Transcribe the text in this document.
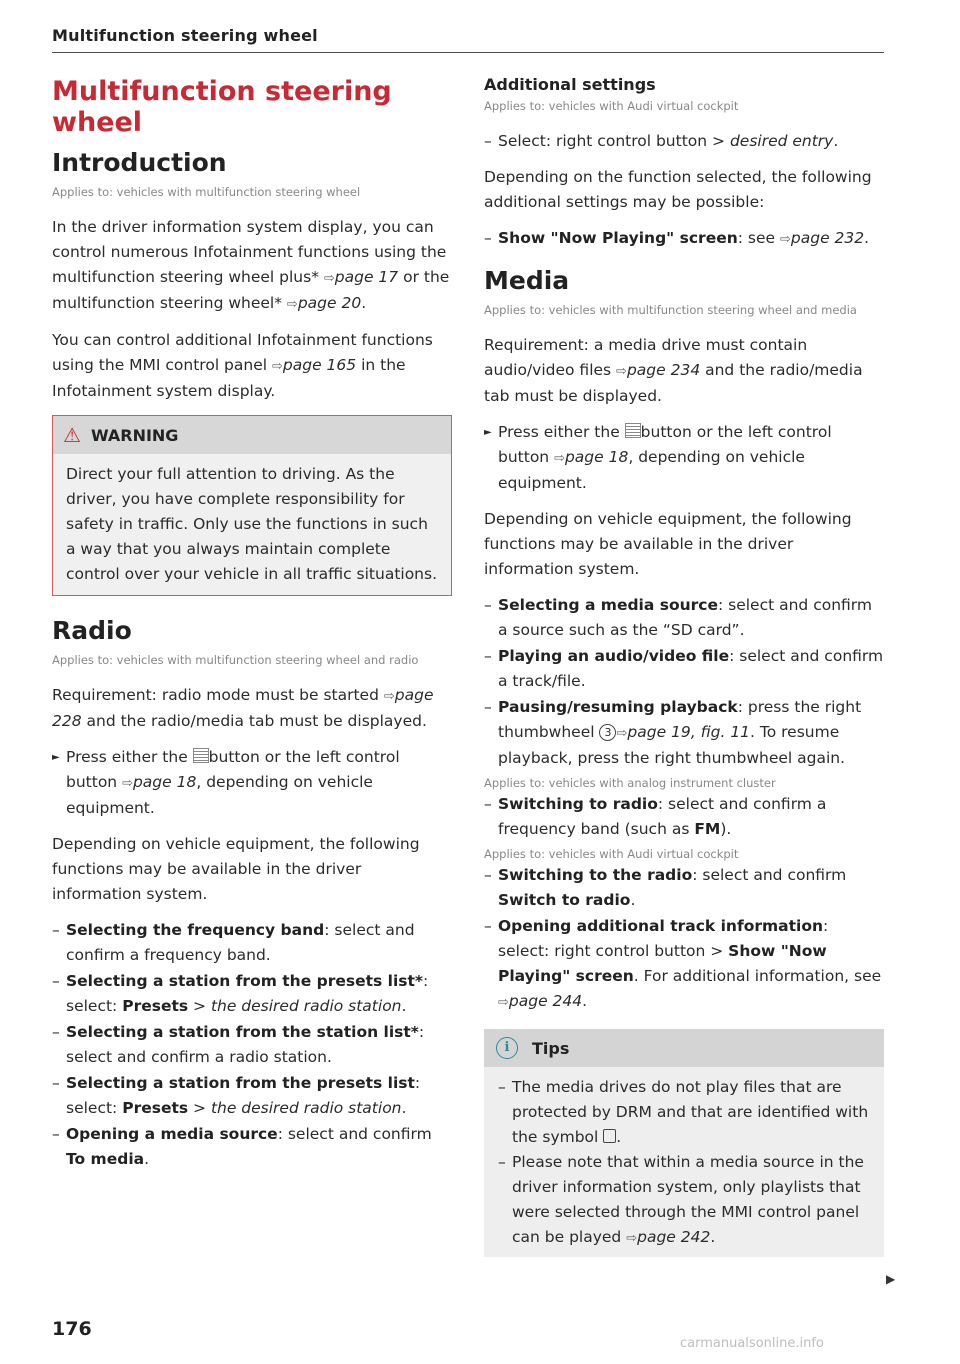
Multifunction steering wheel
Multifunction steering wheel
Introduction
Applies to: vehicles with multifunction steering wheel
In the driver information system display, you can control numerous Infotainment functions using the multifunction steering wheel plus* ⇨page 17 or the multifunction steering wheel* ⇨page 20.
You can control additional Infotainment functions using the MMI control panel ⇨page 165 in the Infotainment system display.
⚠ WARNING
Direct your full attention to driving. As the driver, you have complete responsibility for safety in traffic. Only use the functions in such a way that you always maintain complete control over your vehicle in all traffic situations.
Radio
Applies to: vehicles with multifunction steering wheel and radio
Requirement: radio mode must be started ⇨page 228 and the radio/media tab must be displayed.
► Press either the button or the left control button ⇨page 18, depending on vehicle equipment.
Depending on vehicle equipment, the following functions may be available in the driver information system.
– Selecting the frequency band: select and confirm a frequency band.
– Selecting a station from the presets list*: select: Presets > the desired radio station.
– Selecting a station from the station list*: select and confirm a radio station.
– Selecting a station from the presets list: select: Presets > the desired radio station.
– Opening a media source: select and confirm To media.
Additional settings
Applies to: vehicles with Audi virtual cockpit
– Select: right control button > desired entry.
Depending on the function selected, the following additional settings may be possible:
– Show "Now Playing" screen: see ⇨page 232.
Media
Applies to: vehicles with multifunction steering wheel and media
Requirement: a media drive must contain audio/video files ⇨page 234 and the radio/media tab must be displayed.
► Press either the button or the left control button ⇨page 18, depending on vehicle equipment.
Depending on vehicle equipment, the following functions may be available in the driver information system.
– Selecting a media source: select and confirm a source such as the “SD card”.
– Playing an audio/video file: select and confirm a track/file.
– Pausing/resuming playback: press the right thumbwheel 3 ⇨page 19, fig. 11. To resume playback, press the right thumbwheel again.
Applies to: vehicles with analog instrument cluster
– Switching to radio: select and confirm a frequency band (such as FM).
Applies to: vehicles with Audi virtual cockpit
– Switching to the radio: select and confirm Switch to radio.
– Opening additional track information: select: right control button > Show "Now Playing" screen. For additional information, see ⇨page 244.
i	Tips
– The media drives do not play files that are protected by DRM and that are identified with the symbol .
– Please note that within a media source in the driver information system, only playlists that were selected through the MMI control panel can be played ⇨page 242.
▶
176
carmanualsonline.info
